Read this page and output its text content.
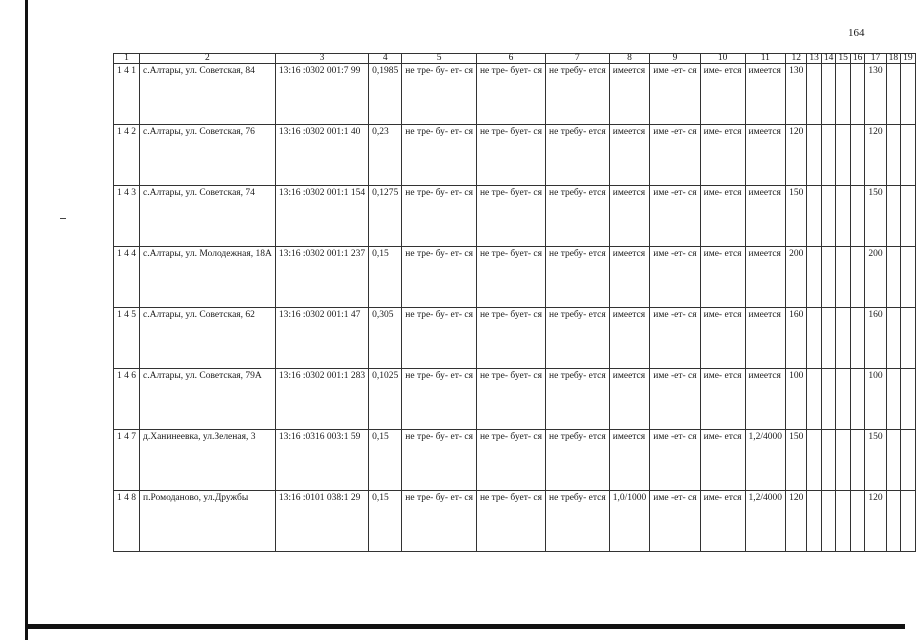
164
1	2	3	4	5	6	7	8	9	10	11	12	13	14	15	16	17	18	19
1 4 1	с.Алтары, ул. Советская, 84	13:16 :0302 001:7 99	0,1985	не тре- бу- ет- ся	не тре- бует- ся	не требу- ется	имеется	име -ет- ся	име- ется	имеется	130					130		
1 4 2	с.Алтары, ул. Советская, 76	13:16 :0302 001:1 40	0,23	не тре- бу- ет- ся	не тре- бует- ся	не требу- ется	имеется	име -ет- ся	име- ется	имеется	120					120		
1 4 3	с.Алтары, ул. Советская, 74	13:16 :0302 001:1 154	0,1275	не тре- бу- ет- ся	не тре- бует- ся	не требу- ется	имеется	име -ет- ся	име- ется	имеется	150					150		
1 4 4	с.Алтары, ул. Молодежная, 18А	13:16 :0302 001:1 237	0,15	не тре- бу- ет- ся	не тре- бует- ся	не требу- ется	имеется	име -ет- ся	име- ется	имеется	200					200		
1 4 5	с.Алтары, ул. Советская, 62	13:16 :0302 001:1 47	0,305	не тре- бу- ет- ся	не тре- бует- ся	не требу- ется	имеется	име -ет- ся	име- ется	имеется	160					160		
1 4 6	с.Алтары, ул. Советская, 79А	13:16 :0302 001:1 283	0,1025	не тре- бу- ет- ся	не тре- бует- ся	не требу- ется	имеется	име -ет- ся	име- ется	имеется	100					100		
1 4 7	д.Ханинеевка, ул.Зеленая, 3	13:16 :0316 003:1 59	0,15	не тре- бу- ет- ся	не тре- бует- ся	не требу- ется	имеется	име -ет- ся	име- ется	1,2/4000	150					150		
1 4 8	п.Ромоданово, ул.Дружбы	13:16 :0101 038:1 29	0,15	не тре- бу- ет- ся	не тре- бует- ся	не требу- ется	1,0/1000	име -ет- ся	име- ется	1,2/4000	120					120		
